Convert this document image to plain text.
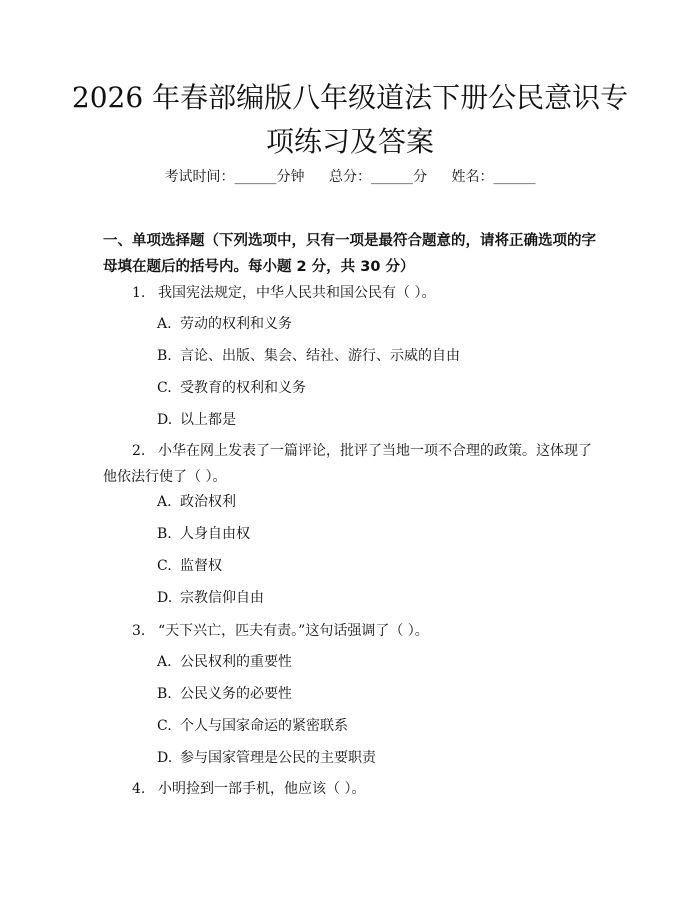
2026 年春部编版八年级道法下册公民意识专项练习及答案
考试时间：______分钟 总分：______分 姓名：______
一、单项选择题（下列选项中，只有一项是最符合题意的，请将正确选项的字母填在题后的括号内。每小题 2 分，共 30 分）
1. 我国宪法规定，中华人民共和国公民有（ ）。
A. 劳动的权利和义务
B. 言论、出版、集会、结社、游行、示威的自由
C. 受教育的权利和义务
D. 以上都是
2. 小华在网上发表了一篇评论，批评了当地一项不合理的政策。这体现了他依法行使了（ ）。
A. 政治权利
B. 人身自由权
C. 监督权
D. 宗教信仰自由
3. “天下兴亡，匹夫有责。”这句话强调了（ ）。
A. 公民权利的重要性
B. 公民义务的必要性
C. 个人与国家命运的紧密联系
D. 参与国家管理是公民的主要职责
4. 小明捡到一部手机，他应该（ ）。
